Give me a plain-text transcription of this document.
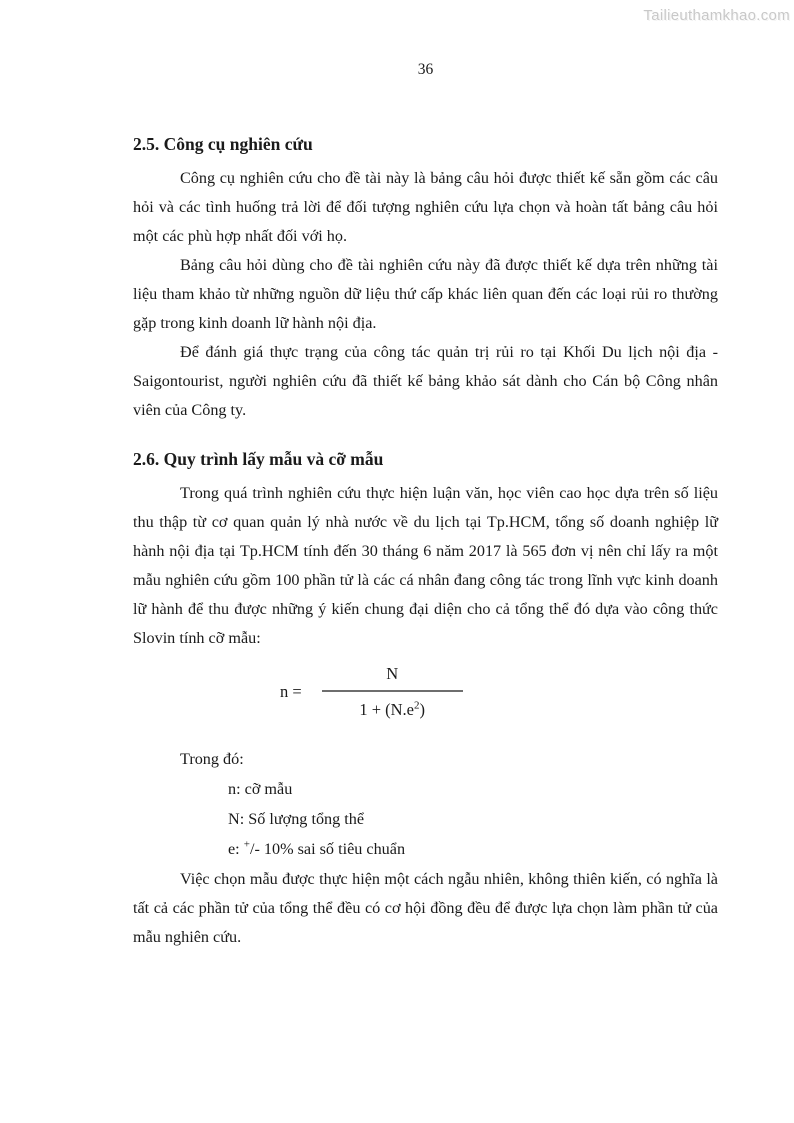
Tailieuthamkhao.com
36
2.5. Công cụ nghiên cứu

Công cụ nghiên cứu cho đề tài này là bảng câu hỏi được thiết kế sẵn gồm các câu hỏi và các tình huống trả lời để đối tượng nghiên cứu lựa chọn và hoàn tất bảng câu hỏi một các phù hợp nhất đối với họ.

Bảng câu hỏi dùng cho đề tài nghiên cứu này đã được thiết kế dựa trên những tài liệu tham khảo từ những nguồn dữ liệu thứ cấp khác liên quan đến các loại rủi ro thường gặp trong kinh doanh lữ hành nội địa.

Để đánh giá thực trạng của công tác quản trị rủi ro tại Khối Du lịch nội địa - Saigontourist, người nghiên cứu đã thiết kế bảng khảo sát dành cho Cán bộ Công nhân viên của Công ty.

2.6. Quy trình lấy mẫu và cỡ mẫu

Trong quá trình nghiên cứu thực hiện luận văn, học viên cao học dựa trên số liệu thu thập từ cơ quan quản lý nhà nước về du lịch tại Tp.HCM, tổng số doanh nghiệp lữ hành nội địa tại Tp.HCM tính đến 30 tháng 6 năm 2017 là 565 đơn vị nên chỉ lấy ra một mẫu nghiên cứu gồm 100 phần tử là các cá nhân đang công tác trong lĩnh vực kinh doanh lữ hành để thu được những ý kiến chung đại diện cho cả tổng thể đó dựa vào công thức Slovin tính cỡ mẫu:

$n = \frac{N}{1 + (N.e^2)}$
Trong đó:
n: cỡ mẫu
N: Số lượng tổng thể
e: +/- 10% sai số tiêu chuẩn

Việc chọn mẫu được thực hiện một cách ngẫu nhiên, không thiên kiến, có nghĩa là tất cả các phần tử của tổng thể đều có cơ hội đồng đều để được lựa chọn làm phần tử của mẫu nghiên cứu.
